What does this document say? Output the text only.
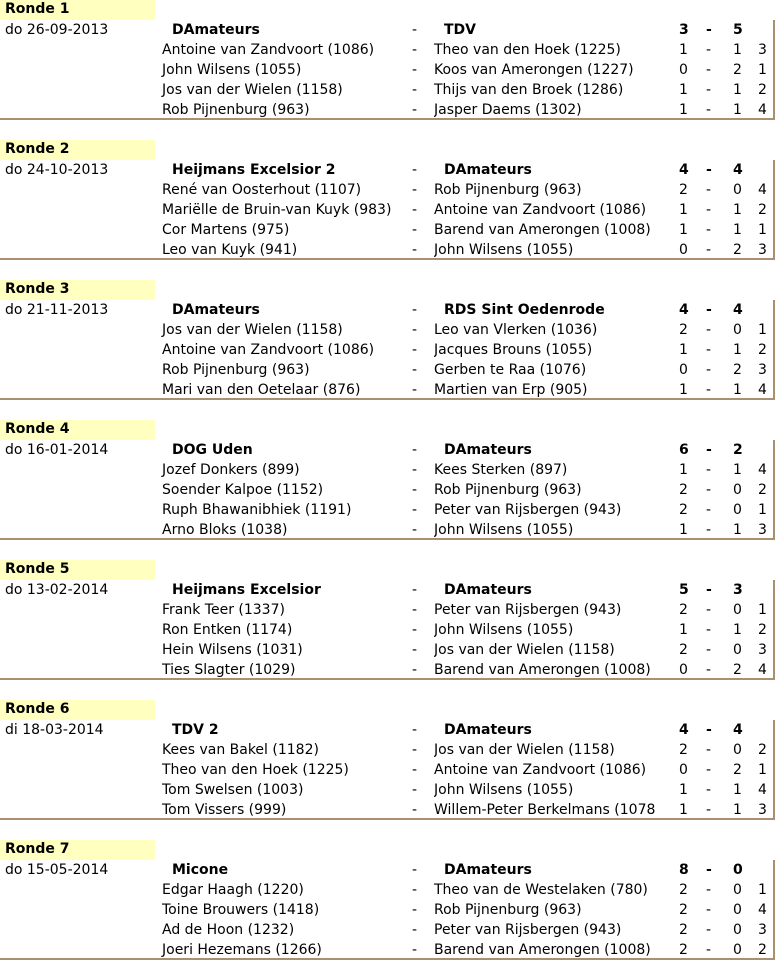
Ronde 1
do 26-09-2013	DAmateurs	- TDV	3 - 5
Antoine van Zandvoort (1086)	- Theo van den Hoek (1225)	1 - 1 3
John Wilsens (1055)	- Koos van Amerongen (1227)	0 - 2 1
Jos van der Wielen (1158)	- Thijs van den Broek (1286)	1 - 1 2
Rob Pijnenburg (963)	- Jasper Daems (1302)	1 - 1 4
Ronde 2
do 24-10-2013	Heijmans Excelsior 2	- DAmateurs	4 - 4
René van Oosterhout (1107)	- Rob Pijnenburg (963)	2 - 0 4
Mariëlle de Bruin-van Kuyk (983) - Antoine van Zandvoort (1086)	1 - 1 2
Cor Martens (975)	- Barend van Amerongen (1008)	1 - 1 1
Leo van Kuyk (941)	- John Wilsens (1055)	0 - 2 3
Ronde 3
do 21-11-2013	DAmateurs	- RDS Sint Oedenrode	4 - 4
Jos van der Wielen (1158)	- Leo van Vlerken (1036)	2 - 0 1
Antoine van Zandvoort (1086)	- Jacques Brouns (1055)	1 - 1 2
Rob Pijnenburg (963)	- Gerben te Raa (1076)	0 - 2 3
Mari van den Oetelaar (876)	- Martien van Erp (905)	1 - 1 4
Ronde 4
do 16-01-2014	DOG Uden	- DAmateurs	6 - 2
Jozef Donkers (899)	- Kees Sterken (897)	1 - 1 4
Soender Kalpoe (1152)	- Rob Pijnenburg (963)	2 - 0 2
Ruph Bhawanibhiek (1191)	- Peter van Rijsbergen (943)	2 - 0 1
Arno Bloks (1038)	- John Wilsens (1055)	1 - 1 3
Ronde 5
do 13-02-2014	Heijmans Excelsior	- DAmateurs	5 - 3
Frank Teer (1337)	- Peter van Rijsbergen (943)	2 - 0 1
Ron Entken (1174)	- John Wilsens (1055)	1 - 1 2
Hein Wilsens (1031)	- Jos van der Wielen (1158)	2 - 0 3
Ties Slagter (1029)	- Barend van Amerongen (1008)	0 - 2 4
Ronde 6
di 18-03-2014	TDV 2	- DAmateurs	4 - 4
Kees van Bakel (1182)	- Jos van der Wielen (1158)	2 - 0 2
Theo van den Hoek (1225)	- Antoine van Zandvoort (1086)	0 - 2 1
Tom Swelsen (1003)	- John Wilsens (1055)	1 - 1 4
Tom Vissers (999)	- Willem-Peter Berkelmans (1078	1 - 1 3
Ronde 7
do 15-05-2014	Micone	- DAmateurs	8 - 0
Edgar Haagh (1220)	- Theo van de Westelaken (780)	2 - 0 1
Toine Brouwers (1418)	- Rob Pijnenburg (963)	2 - 0 4
Ad de Hoon (1232)	- Peter van Rijsbergen (943)	2 - 0 3
Joeri Hezemans (1266)	- Barend van Amerongen (1008)	2 - 0 2
